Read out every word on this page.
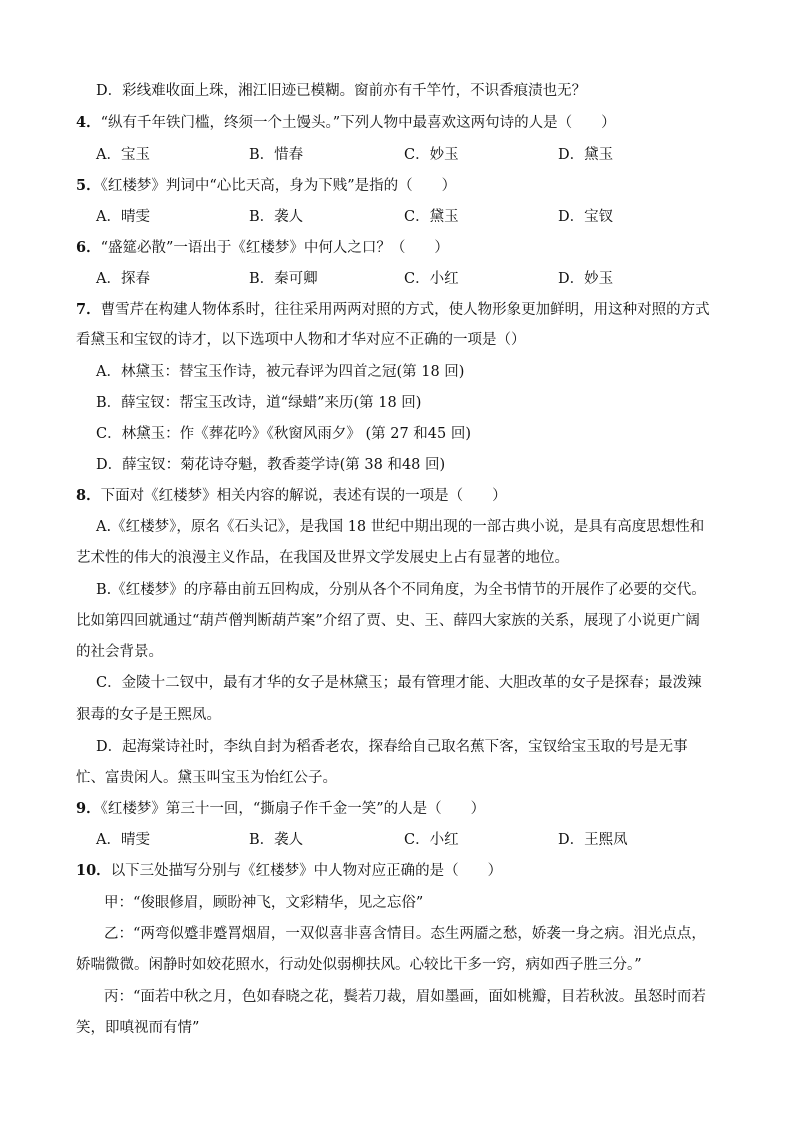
D．彩线难收面上珠，湘江旧迹已模糊。窗前亦有千竿竹，不识香痕渍也无？
4．“纵有千年铁门槛，终须一个土馒头。”下列人物中最喜欢这两句诗的人是（　　）
A．宝玉	B．惜春	C．妙玉	D．黛玉
5．《红楼梦》判词中“心比天高，身为下贱”是指的（　　）
A．晴雯	B．袭人	C．黛玉	D．宝钗
6．“盛筵必散”一语出于《红楼梦》中何人之口？（　　）
A．探春	B．秦可卿	C．小红	D．妙玉
7．曹雪芹在构建人物体系时，往往采用两两对照的方式，使人物形象更加鲜明，用这种对照的方式
看黛玉和宝钗的诗才，以下选项中人物和才华对应不正确的一项是（）
A．林黛玉：替宝玉作诗，被元春评为四首之冠(第 18 回)
B．薛宝钗：帮宝玉改诗，道“绿蜡”来历(第 18 回)
C．林黛玉：作《葬花吟》《秋窗风雨夕》 (第 27 和45 回)
D．薛宝钗：菊花诗夺魁，教香菱学诗(第 38 和48 回)
8．下面对《红楼梦》相关内容的解说，表述有误的一项是（　　）
A.《红楼梦》，原名《石头记》，是我国 18 世纪中期出现的一部古典小说，是具有高度思想性和
艺术性的伟大的浪漫主义作品，在我国及世界文学发展史上占有显著的地位。
B.《红楼梦》的序幕由前五回构成，分别从各个不同角度，为全书情节的开展作了必要的交代。
比如第四回就通过“葫芦僧判断葫芦案”介绍了贾、史、王、薛四大家族的关系，展现了小说更广阔
的社会背景。
C．金陵十二钗中，最有才华的女子是林黛玉；最有管理才能、大胆改革的女子是探春；最泼辣
狠毒的女子是王熙凤。
D．起海棠诗社时，李纨自封为稻香老农，探春给自己取名蕉下客，宝钗给宝玉取的号是无事
忙、富贵闲人。黛玉叫宝玉为怡红公子。
9．《红楼梦》第三十一回，“撕扇子作千金一笑”的人是（　　）
A．晴雯	B．袭人	C．小红	D．王熙凤
10．以下三处描写分别与《红楼梦》中人物对应正确的是（　　）
甲：“俊眼修眉，顾盼神飞，文彩精华，见之忘俗”
乙：“两弯似蹙非蹙罥烟眉，一双似喜非喜含情目。态生两靥之愁，娇袭一身之病。泪光点点，
娇喘微微。闲静时如姣花照水，行动处似弱柳扶风。心较比干多一窍，病如西子胜三分。”
丙：“面若中秋之月，色如春晓之花，鬓若刀裁，眉如墨画，面如桃瓣，目若秋波。虽怒时而若
笑，即嗔视而有情”
